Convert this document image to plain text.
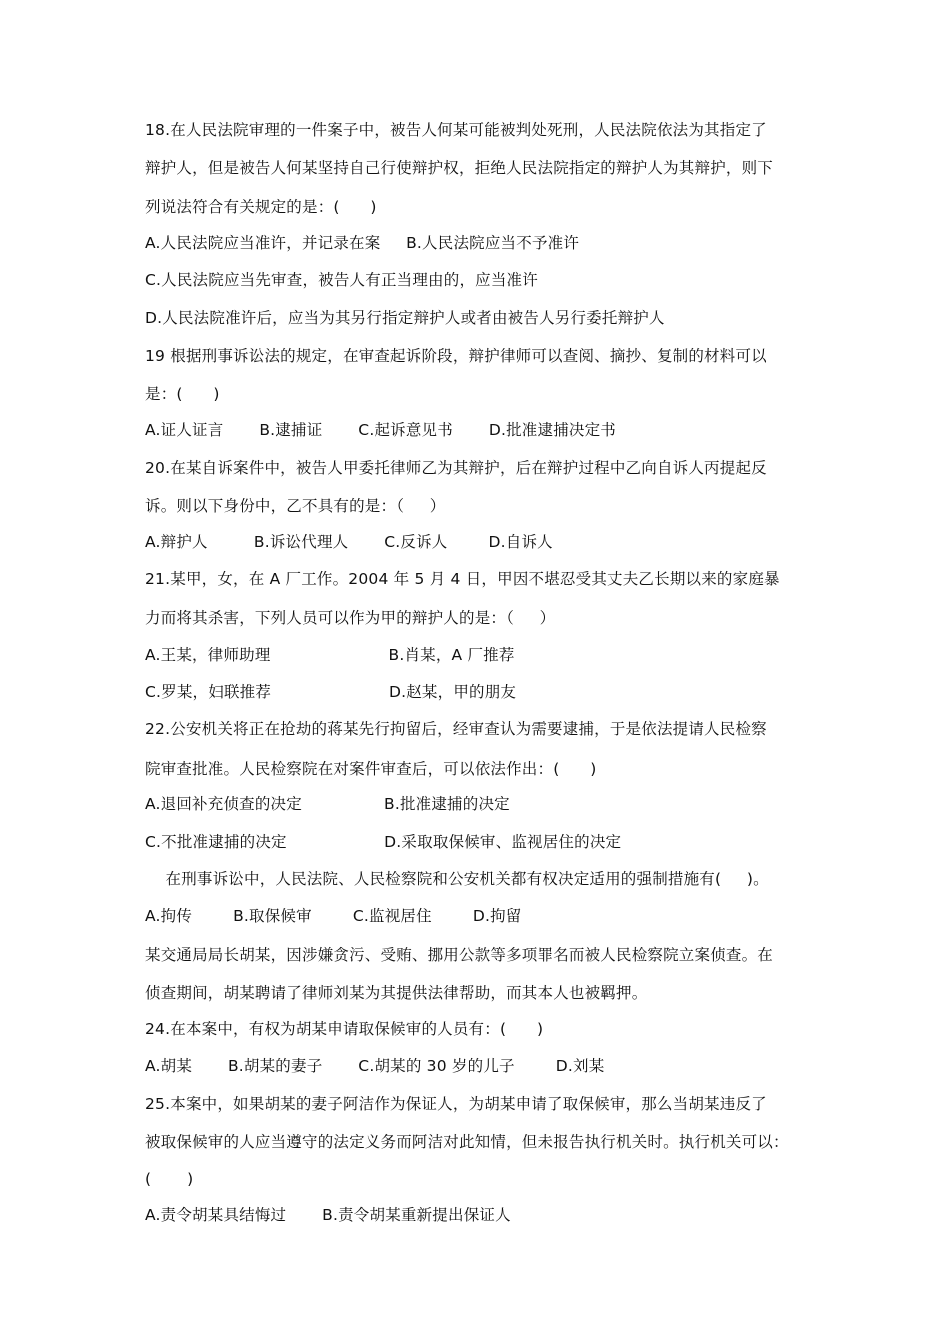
18.在人民法院审理的一件案子中，被告人何某可能被判处死刑，人民法院依法为其指定了
辩护人，但是被告人何某坚持自己行使辩护权，拒绝人民法院指定的辩护人为其辩护，则下
列说法符合有关规定的是：(      )
A.人民法院应当准许，并记录在案     B.人民法院应当不予准许
C.人民法院应当先审查，被告人有正当理由的，应当准许
D.人民法院准许后，应当为其另行指定辩护人或者由被告人另行委托辩护人
19 根据刑事诉讼法的规定，在审查起诉阶段，辩护律师可以查阅、摘抄、复制的材料可以
是：(      )
A.证人证言       B.逮捕证       C.起诉意见书       D.批准逮捕决定书
20.在某自诉案件中，被告人甲委托律师乙为其辩护，后在辩护过程中乙向自诉人丙提起反
诉。则以下身份中，乙不具有的是：（     ）
A.辩护人         B.诉讼代理人       C.反诉人        D.自诉人
21.某甲，女，在 A 厂工作。2004 年 5 月 4 日，甲因不堪忍受其丈夫乙长期以来的家庭暴
力而将其杀害，下列人员可以作为甲的辩护人的是：（     ）
A.王某，律师助理                       B.肖某，A 厂推荐
C.罗某，妇联推荐                       D.赵某，甲的朋友
22.公安机关将正在抢劫的蒋某先行拘留后，经审查认为需要逮捕，于是依法提请人民检察
院审查批准。人民检察院在对案件审查后，可以依法作出：(      )
A.退回补充侦查的决定                B.批准逮捕的决定
C.不批准逮捕的决定                   D.采取取保候审、监视居住的决定
在刑事诉讼中，人民法院、人民检察院和公安机关都有权决定适用的强制措施有(     )。
A.拘传        B.取保候审        C.监视居住        D.拘留
某交通局局长胡某，因涉嫌贪污、受贿、挪用公款等多项罪名而被人民检察院立案侦查。在
侦查期间，胡某聘请了律师刘某为其提供法律帮助，而其本人也被羁押。
24.在本案中，有权为胡某申请取保候审的人员有：(      )
A.胡某       B.胡某的妻子       C.胡某的 30 岁的儿子        D.刘某
25.本案中，如果胡某的妻子阿洁作为保证人，为胡某申请了取保候审，那么当胡某违反了
被取保候审的人应当遵守的法定义务而阿洁对此知情，但未报告执行机关时。执行机关可以：
(       )
A.责令胡某具结悔过       B.责令胡某重新提出保证人
